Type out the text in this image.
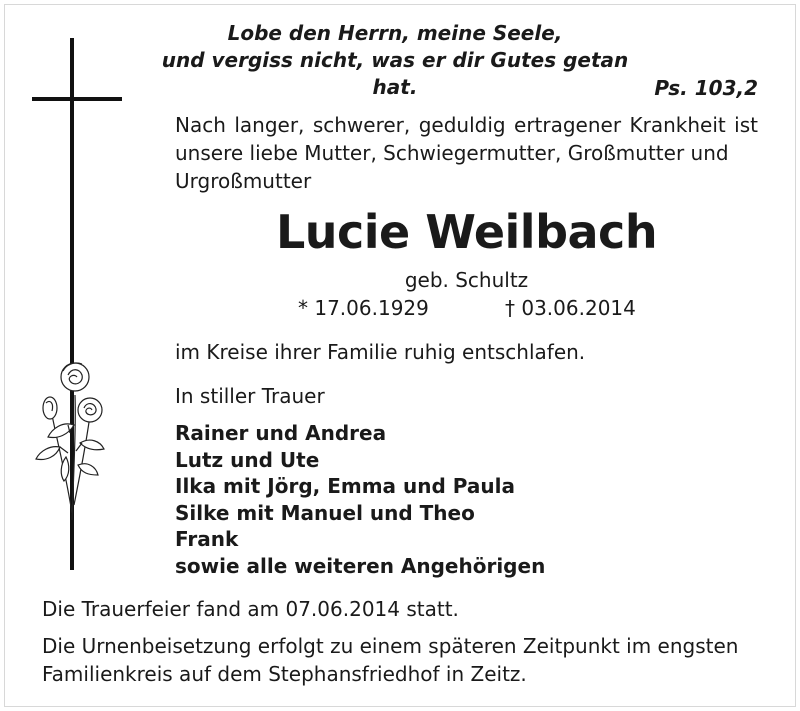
Lobe den Herrn, meine Seele,
und vergiss nicht, was er dir Gutes getan hat.	Ps. 103,2
Nach langer, schwerer, geduldig ertragener Krankheit ist unsere liebe Mutter, Schwiegermutter, Großmutter und
Urgroßmutter
Lucie Weilbach
geb. Schultz
* 17.06.1929	† 03.06.2014
im Kreise ihrer Familie ruhig entschlafen.
In stiller Trauer
Rainer und Andrea
Lutz und Ute
Ilka mit Jörg, Emma und Paula
Silke mit Manuel und Theo
Frank
sowie alle weiteren Angehörigen
Die Trauerfeier fand am 07.06.2014 statt.
Die Urnenbeisetzung erfolgt zu einem späteren Zeitpunkt im engsten
Familienkreis auf dem Stephansfriedhof in Zeitz.
